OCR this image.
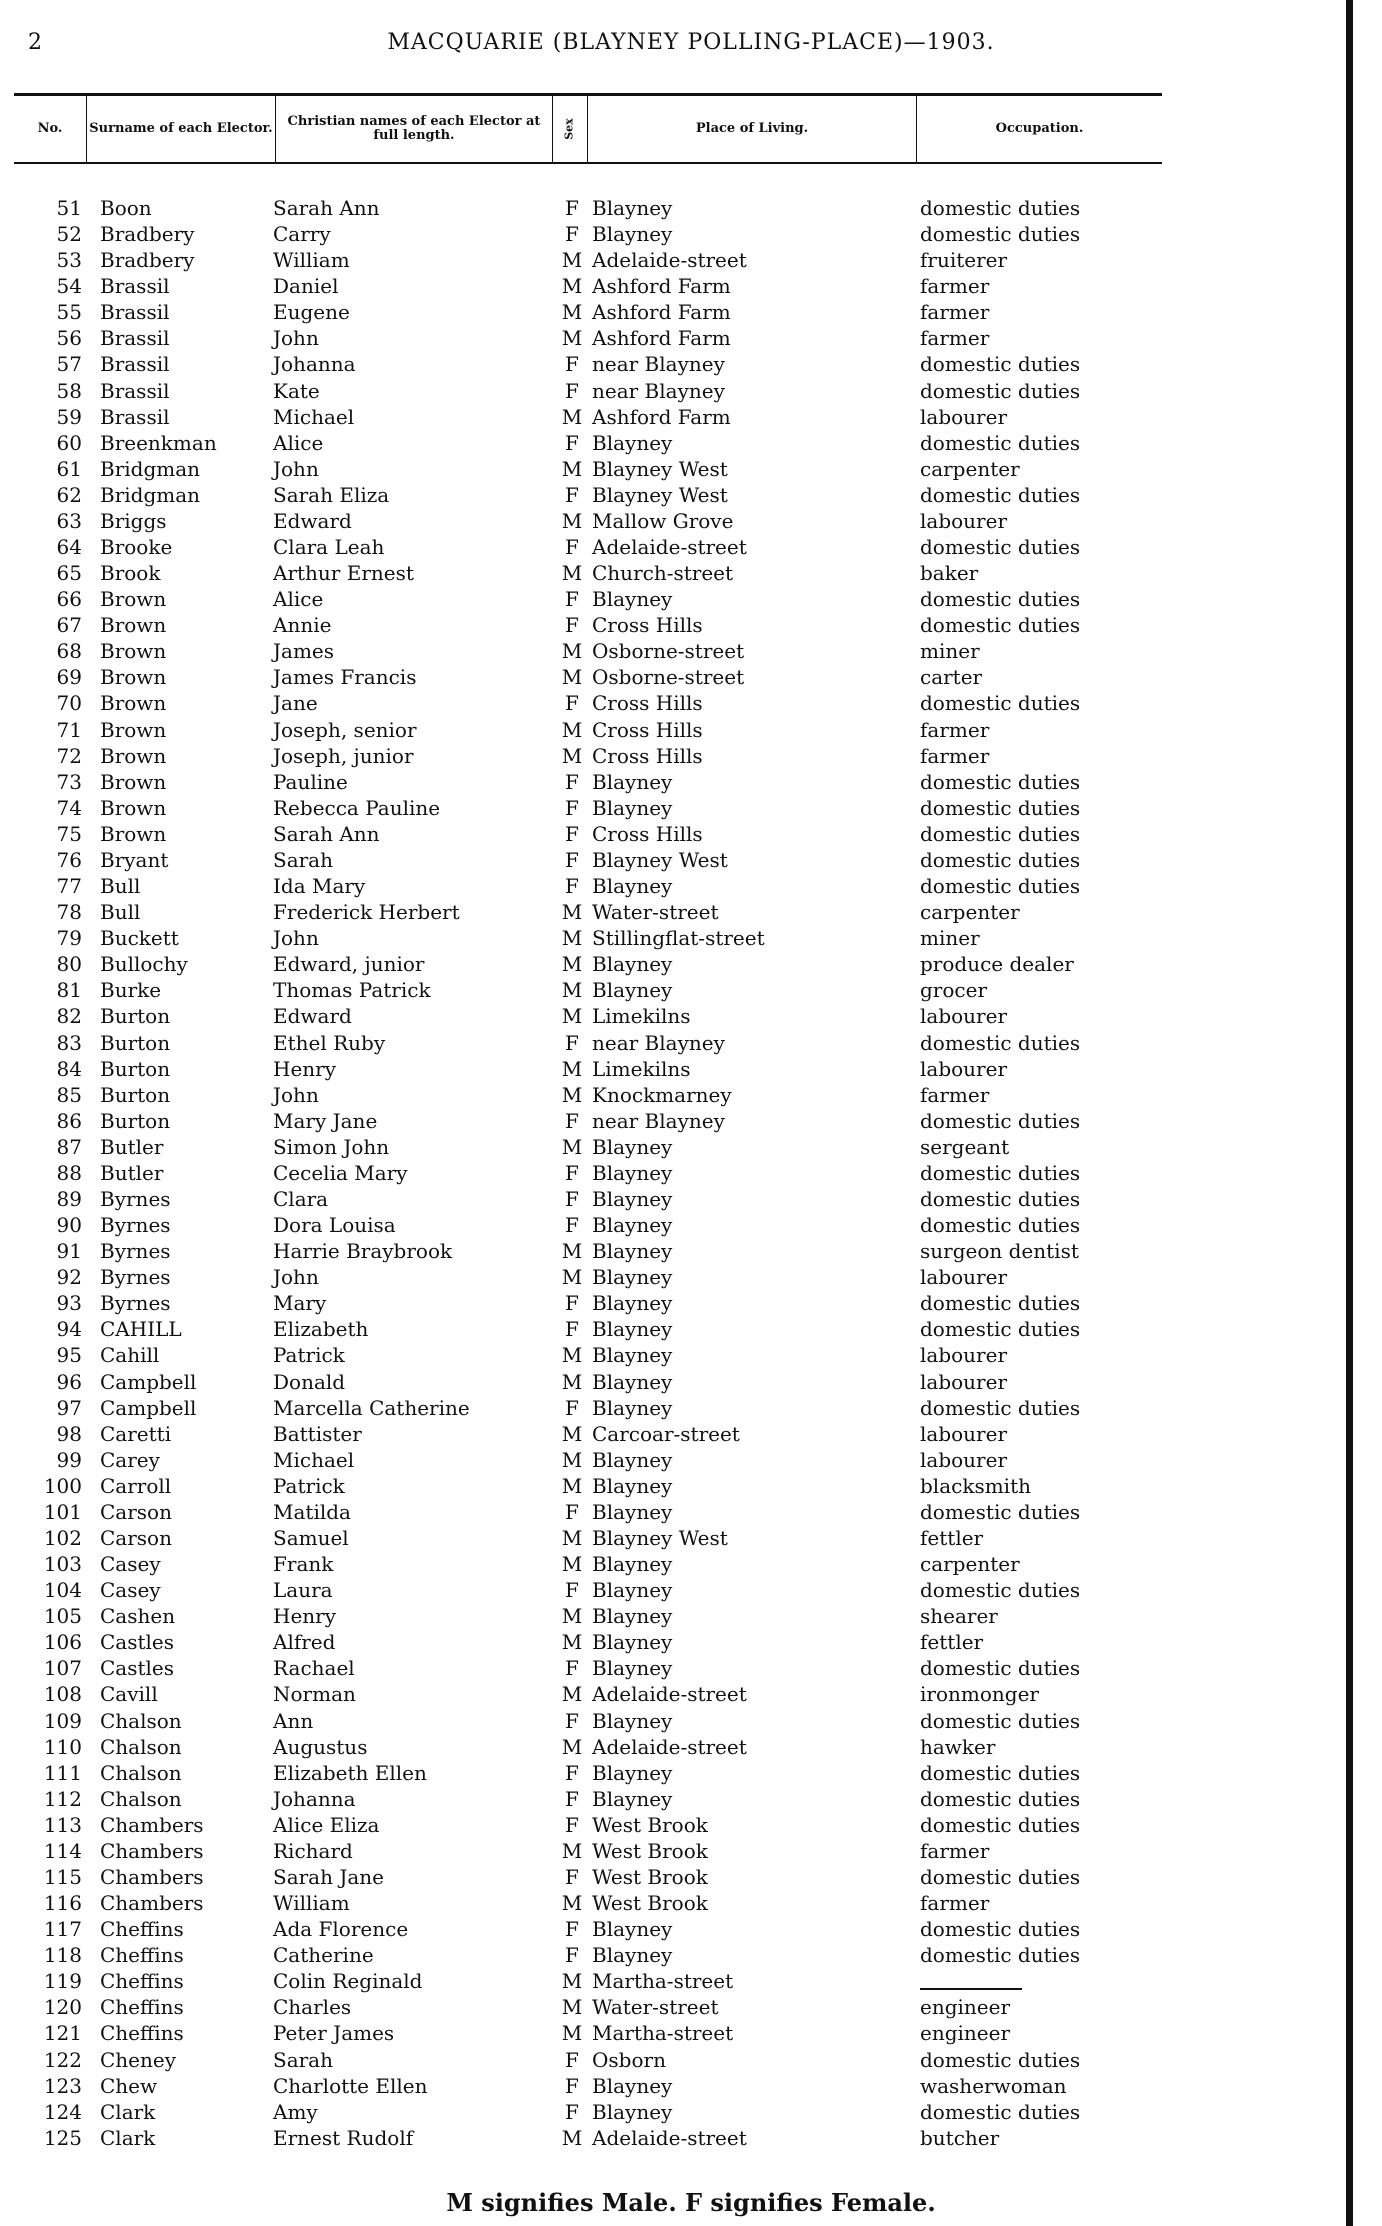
2	MACQUARIE (BLAYNEY POLLING-PLACE)—1903.
No.	Surname of each Elector.	Christian names of each Elector at full length.	Sex	Place of Living.	Occupation.
51 Boon	Sarah Ann	F Blayney	domestic duties
52 Bradbery	Carry	F Blayney	domestic duties
53 Bradbery	William	M Adelaide-street	fruiterer
54 Brassil	Daniel	M Ashford Farm	farmer
55 Brassil	Eugene	M Ashford Farm	farmer
56 Brassil	John	M Ashford Farm	farmer
57 Brassil	Johanna	F near Blayney	domestic duties
58 Brassil	Kate	F near Blayney	domestic duties
59 Brassil	Michael	M Ashford Farm	labourer
60 Breenkman	Alice	F Blayney	domestic duties
61 Bridgman	John	M Blayney West	carpenter
62 Bridgman	Sarah Eliza	F Blayney West	domestic duties
63 Briggs	Edward	M Mallow Grove	labourer
64 Brooke	Clara Leah	F Adelaide-street	domestic duties
65 Brook	Arthur Ernest	M Church-street	baker
66 Brown	Alice	F Blayney	domestic duties
67 Brown	Annie	F Cross Hills	domestic duties
68 Brown	James	M Osborne-street	miner
69 Brown	James Francis	M Osborne-street	carter
70 Brown	Jane	F Cross Hills	domestic duties
71 Brown	Joseph, senior	M Cross Hills	farmer
72 Brown	Joseph, junior	M Cross Hills	farmer
73 Brown	Pauline	F Blayney	domestic duties
74 Brown	Rebecca Pauline	F Blayney	domestic duties
75 Brown	Sarah Ann	F Cross Hills	domestic duties
76 Bryant	Sarah	F Blayney West	domestic duties
77 Bull	Ida Mary	F Blayney	domestic duties
78 Bull	Frederick Herbert	M Water-street	carpenter
79 Buckett	John	M Stillingflat-street	miner
80 Bullochy	Edward, junior	M Blayney	produce dealer
81 Burke	Thomas Patrick	M Blayney	grocer
82 Burton	Edward	M Limekilns	labourer
83 Burton	Ethel Ruby	F near Blayney	domestic duties
84 Burton	Henry	M Limekilns	labourer
85 Burton	John	M Knockmarney	farmer
86 Burton	Mary Jane	F near Blayney	domestic duties
87 Butler	Simon John	M Blayney	sergeant
88 Butler	Cecelia Mary	F Blayney	domestic duties
89 Byrnes	Clara	F Blayney	domestic duties
90 Byrnes	Dora Louisa	F Blayney	domestic duties
91 Byrnes	Harrie Braybrook	M Blayney	surgeon dentist
92 Byrnes	John	M Blayney	labourer
93 Byrnes	Mary	F Blayney	domestic duties
94 CAHILL	Elizabeth	F Blayney	domestic duties
95 Cahill	Patrick	M Blayney	labourer
96 Campbell	Donald	M Blayney	labourer
97 Campbell	Marcella Catherine	F Blayney	domestic duties
98 Caretti	Battister	M Carcoar-street	labourer
99 Carey	Michael	M Blayney	labourer
100 Carroll	Patrick	M Blayney	blacksmith
101 Carson	Matilda	F Blayney	domestic duties
102 Carson	Samuel	M Blayney West	fettler
103 Casey	Frank	M Blayney	carpenter
104 Casey	Laura	F Blayney	domestic duties
105 Cashen	Henry	M Blayney	shearer
106 Castles	Alfred	M Blayney	fettler
107 Castles	Rachael	F Blayney	domestic duties
108 Cavill	Norman	M Adelaide-street	ironmonger
109 Chalson	Ann	F Blayney	domestic duties
110 Chalson	Augustus	M Adelaide-street	hawker
111 Chalson	Elizabeth Ellen	F Blayney	domestic duties
112 Chalson	Johanna	F Blayney	domestic duties
113 Chambers	Alice Eliza	F West Brook	domestic duties
114 Chambers	Richard	M West Brook	farmer
115 Chambers	Sarah Jane	F West Brook	domestic duties
116 Chambers	William	M West Brook	farmer
117 Cheffins	Ada Florence	F Blayney	domestic duties
118 Cheffins	Catherine	F Blayney	domestic duties
119 Cheffins	Colin Reginald	M Martha-street
120 Cheffins	Charles	M Water-street	engineer
121 Cheffins	Peter James	M Martha-street	engineer
122 Cheney	Sarah	F Osborn	domestic duties
123 Chew	Charlotte Ellen	F Blayney	washerwoman
124 Clark	Amy	F Blayney	domestic duties
125 Clark	Ernest Rudolf	M Adelaide-street	butcher
M signifies Male. F signifies Female.
